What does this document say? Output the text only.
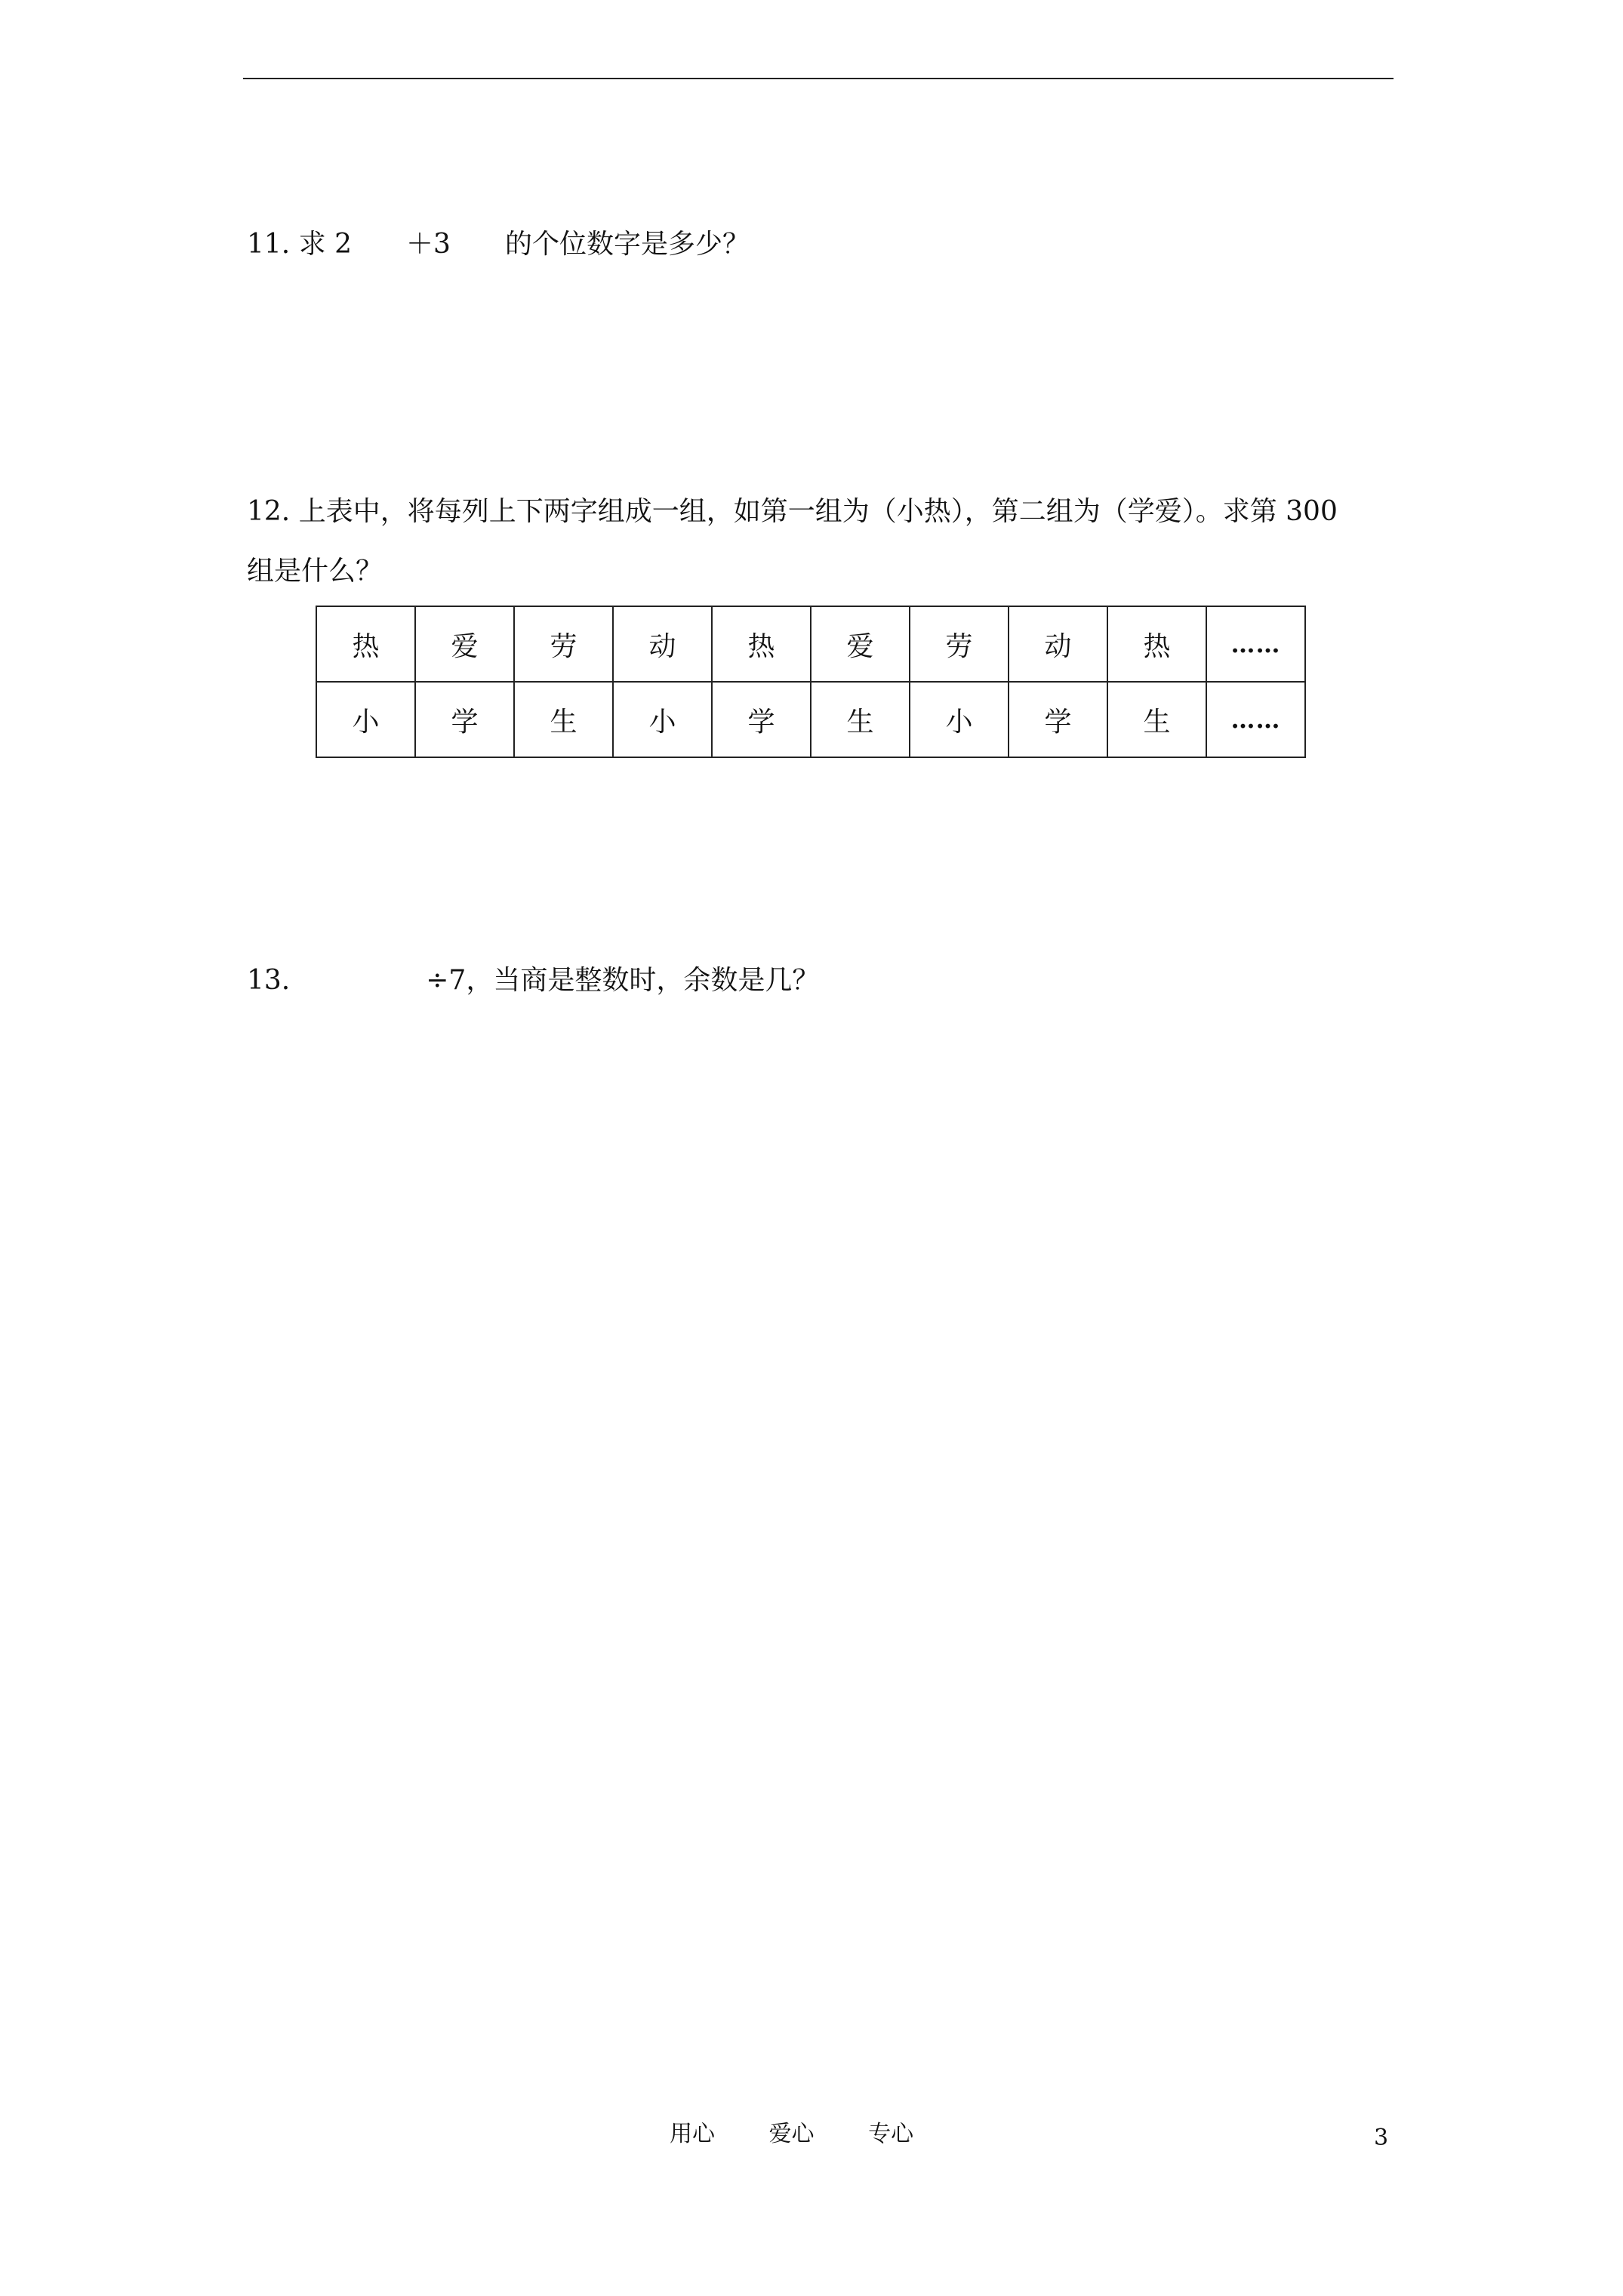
11. 求 2　　＋3　　的个位数字是多少？
12. 上表中，将每列上下两字组成一组，如第一组为（小热），第二组为（学爱）。求第 300
组是什么？
热	爱	劳	动	热	爱	劳	动	热	……
小	学	生	小	学	生	小	学	生	……
13.　　　　　÷7，当商是整数时，余数是几？
用心 爱心 专心	3
